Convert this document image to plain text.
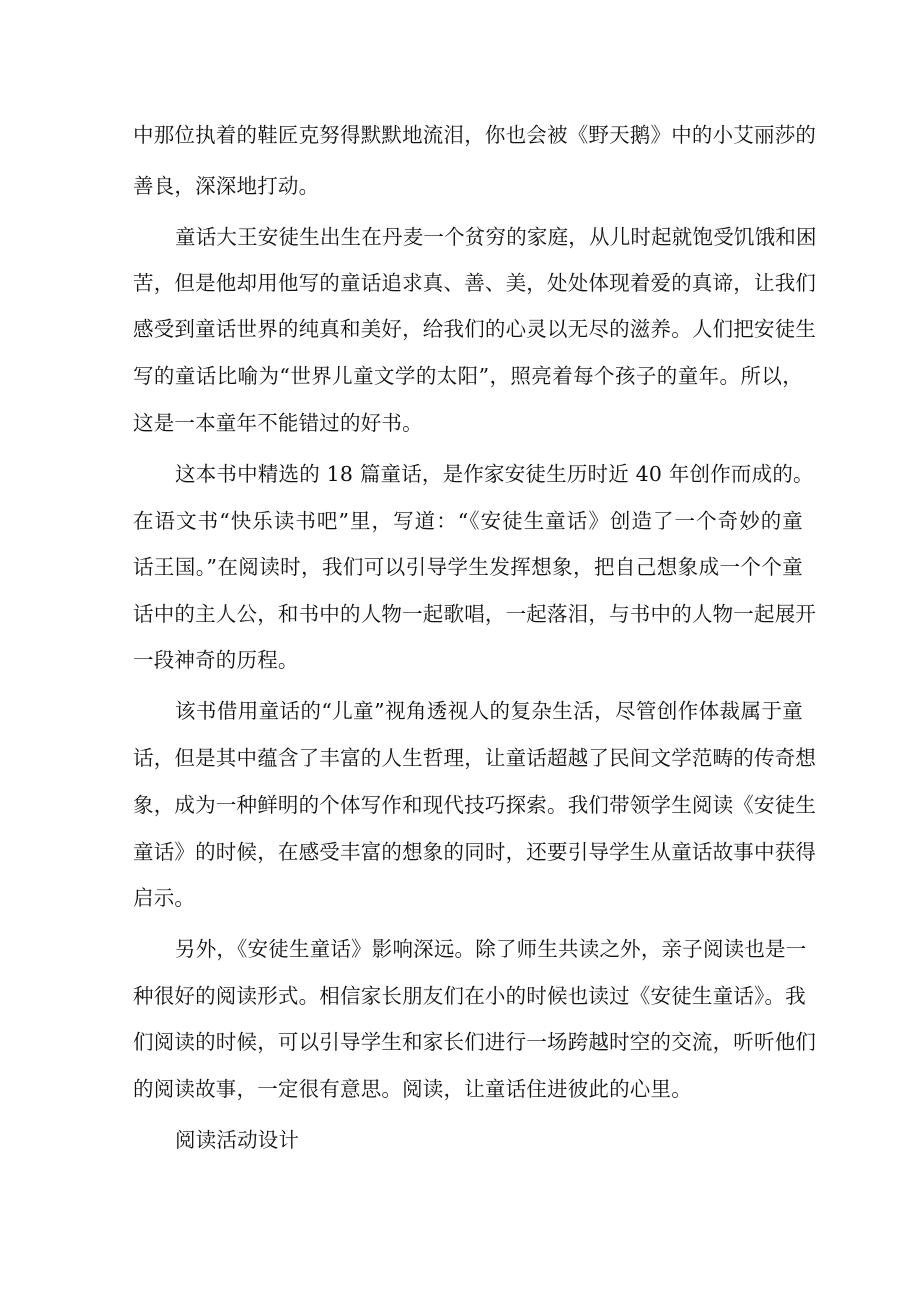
中那位执着的鞋匠克努得默默地流泪，你也会被《野天鹅》中的小艾丽莎的
善良，深深地打动。
童话大王安徒生出生在丹麦一个贫穷的家庭，从儿时起就饱受饥饿和困
苦，但是他却用他写的童话追求真、善、美，处处体现着爱的真谛，让我们
感受到童话世界的纯真和美好，给我们的心灵以无尽的滋养。人们把安徒生
写的童话比喻为“世界儿童文学的太阳”，照亮着每个孩子的童年。所以，
这是一本童年不能错过的好书。
这本书中精选的 18 篇童话，是作家安徒生历时近 40 年创作而成的。
在语文书“快乐读书吧”里，写道：“《安徒生童话》创造了一个奇妙的童
话王国。”在阅读时，我们可以引导学生发挥想象，把自己想象成一个个童
话中的主人公，和书中的人物一起歌唱，一起落泪，与书中的人物一起展开
一段神奇的历程。
该书借用童话的“儿童”视角透视人的复杂生活，尽管创作体裁属于童
话，但是其中蕴含了丰富的人生哲理，让童话超越了民间文学范畴的传奇想
象，成为一种鲜明的个体写作和现代技巧探索。我们带领学生阅读《安徒生
童话》的时候，在感受丰富的想象的同时，还要引导学生从童话故事中获得
启示。
另外，《安徒生童话》影响深远。除了师生共读之外，亲子阅读也是一
种很好的阅读形式。相信家长朋友们在小的时候也读过《安徒生童话》。我
们阅读的时候，可以引导学生和家长们进行一场跨越时空的交流，听听他们
的阅读故事，一定很有意思。阅读，让童话住进彼此的心里。
阅读活动设计
